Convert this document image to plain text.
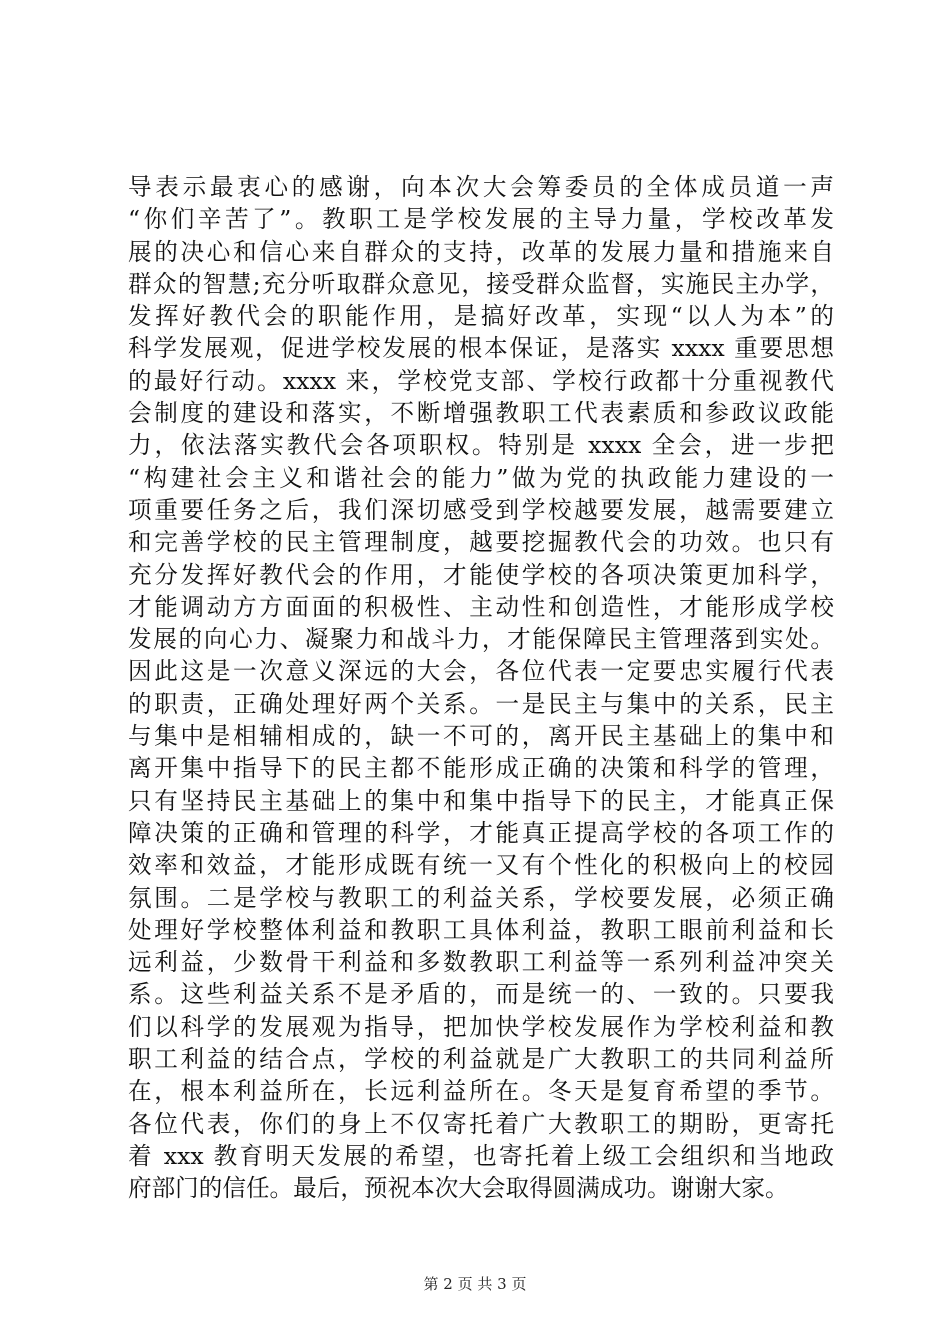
导表示最衷心的感谢，向本次大会筹委员的全体成员道一声
“你们辛苦了”。教职工是学校发展的主导力量，学校改革发
展的决心和信心来自群众的支持，改革的发展力量和措施来自
群众的智慧;充分听取群众意见，接受群众监督，实施民主办学，
发挥好教代会的职能作用，是搞好改革，实现“以人为本”的
科学发展观，促进学校发展的根本保证，是落实 xxxx 重要思想
的最好行动。xxxx 来，学校党支部、学校行政都十分重视教代
会制度的建设和落实，不断增强教职工代表素质和参政议政能
力，依法落实教代会各项职权。特别是 xxxx 全会，进一步把
“构建社会主义和谐社会的能力”做为党的执政能力建设的一
项重要任务之后，我们深切感受到学校越要发展，越需要建立
和完善学校的民主管理制度，越要挖掘教代会的功效。也只有
充分发挥好教代会的作用，才能使学校的各项决策更加科学，
才能调动方方面面的积极性、主动性和创造性，才能形成学校
发展的向心力、凝聚力和战斗力，才能保障民主管理落到实处。
因此这是一次意义深远的大会，各位代表一定要忠实履行代表
的职责，正确处理好两个关系。一是民主与集中的关系，民主
与集中是相辅相成的，缺一不可的，离开民主基础上的集中和
离开集中指导下的民主都不能形成正确的决策和科学的管理，
只有坚持民主基础上的集中和集中指导下的民主，才能真正保
障决策的正确和管理的科学，才能真正提高学校的各项工作的
效率和效益，才能形成既有统一又有个性化的积极向上的校园
氛围。二是学校与教职工的利益关系，学校要发展，必须正确
处理好学校整体利益和教职工具体利益，教职工眼前利益和长
远利益，少数骨干利益和多数教职工利益等一系列利益冲突关
系。这些利益关系不是矛盾的，而是统一的、一致的。只要我
们以科学的发展观为指导，把加快学校发展作为学校利益和教
职工利益的结合点，学校的利益就是广大教职工的共同利益所
在，根本利益所在，长远利益所在。冬天是复育希望的季节。
各位代表，你们的身上不仅寄托着广大教职工的期盼，更寄托
着 xxx 教育明天发展的希望，也寄托着上级工会组织和当地政
府部门的信任。最后，预祝本次大会取得圆满成功。谢谢大家。
第 2 页 共 3 页
